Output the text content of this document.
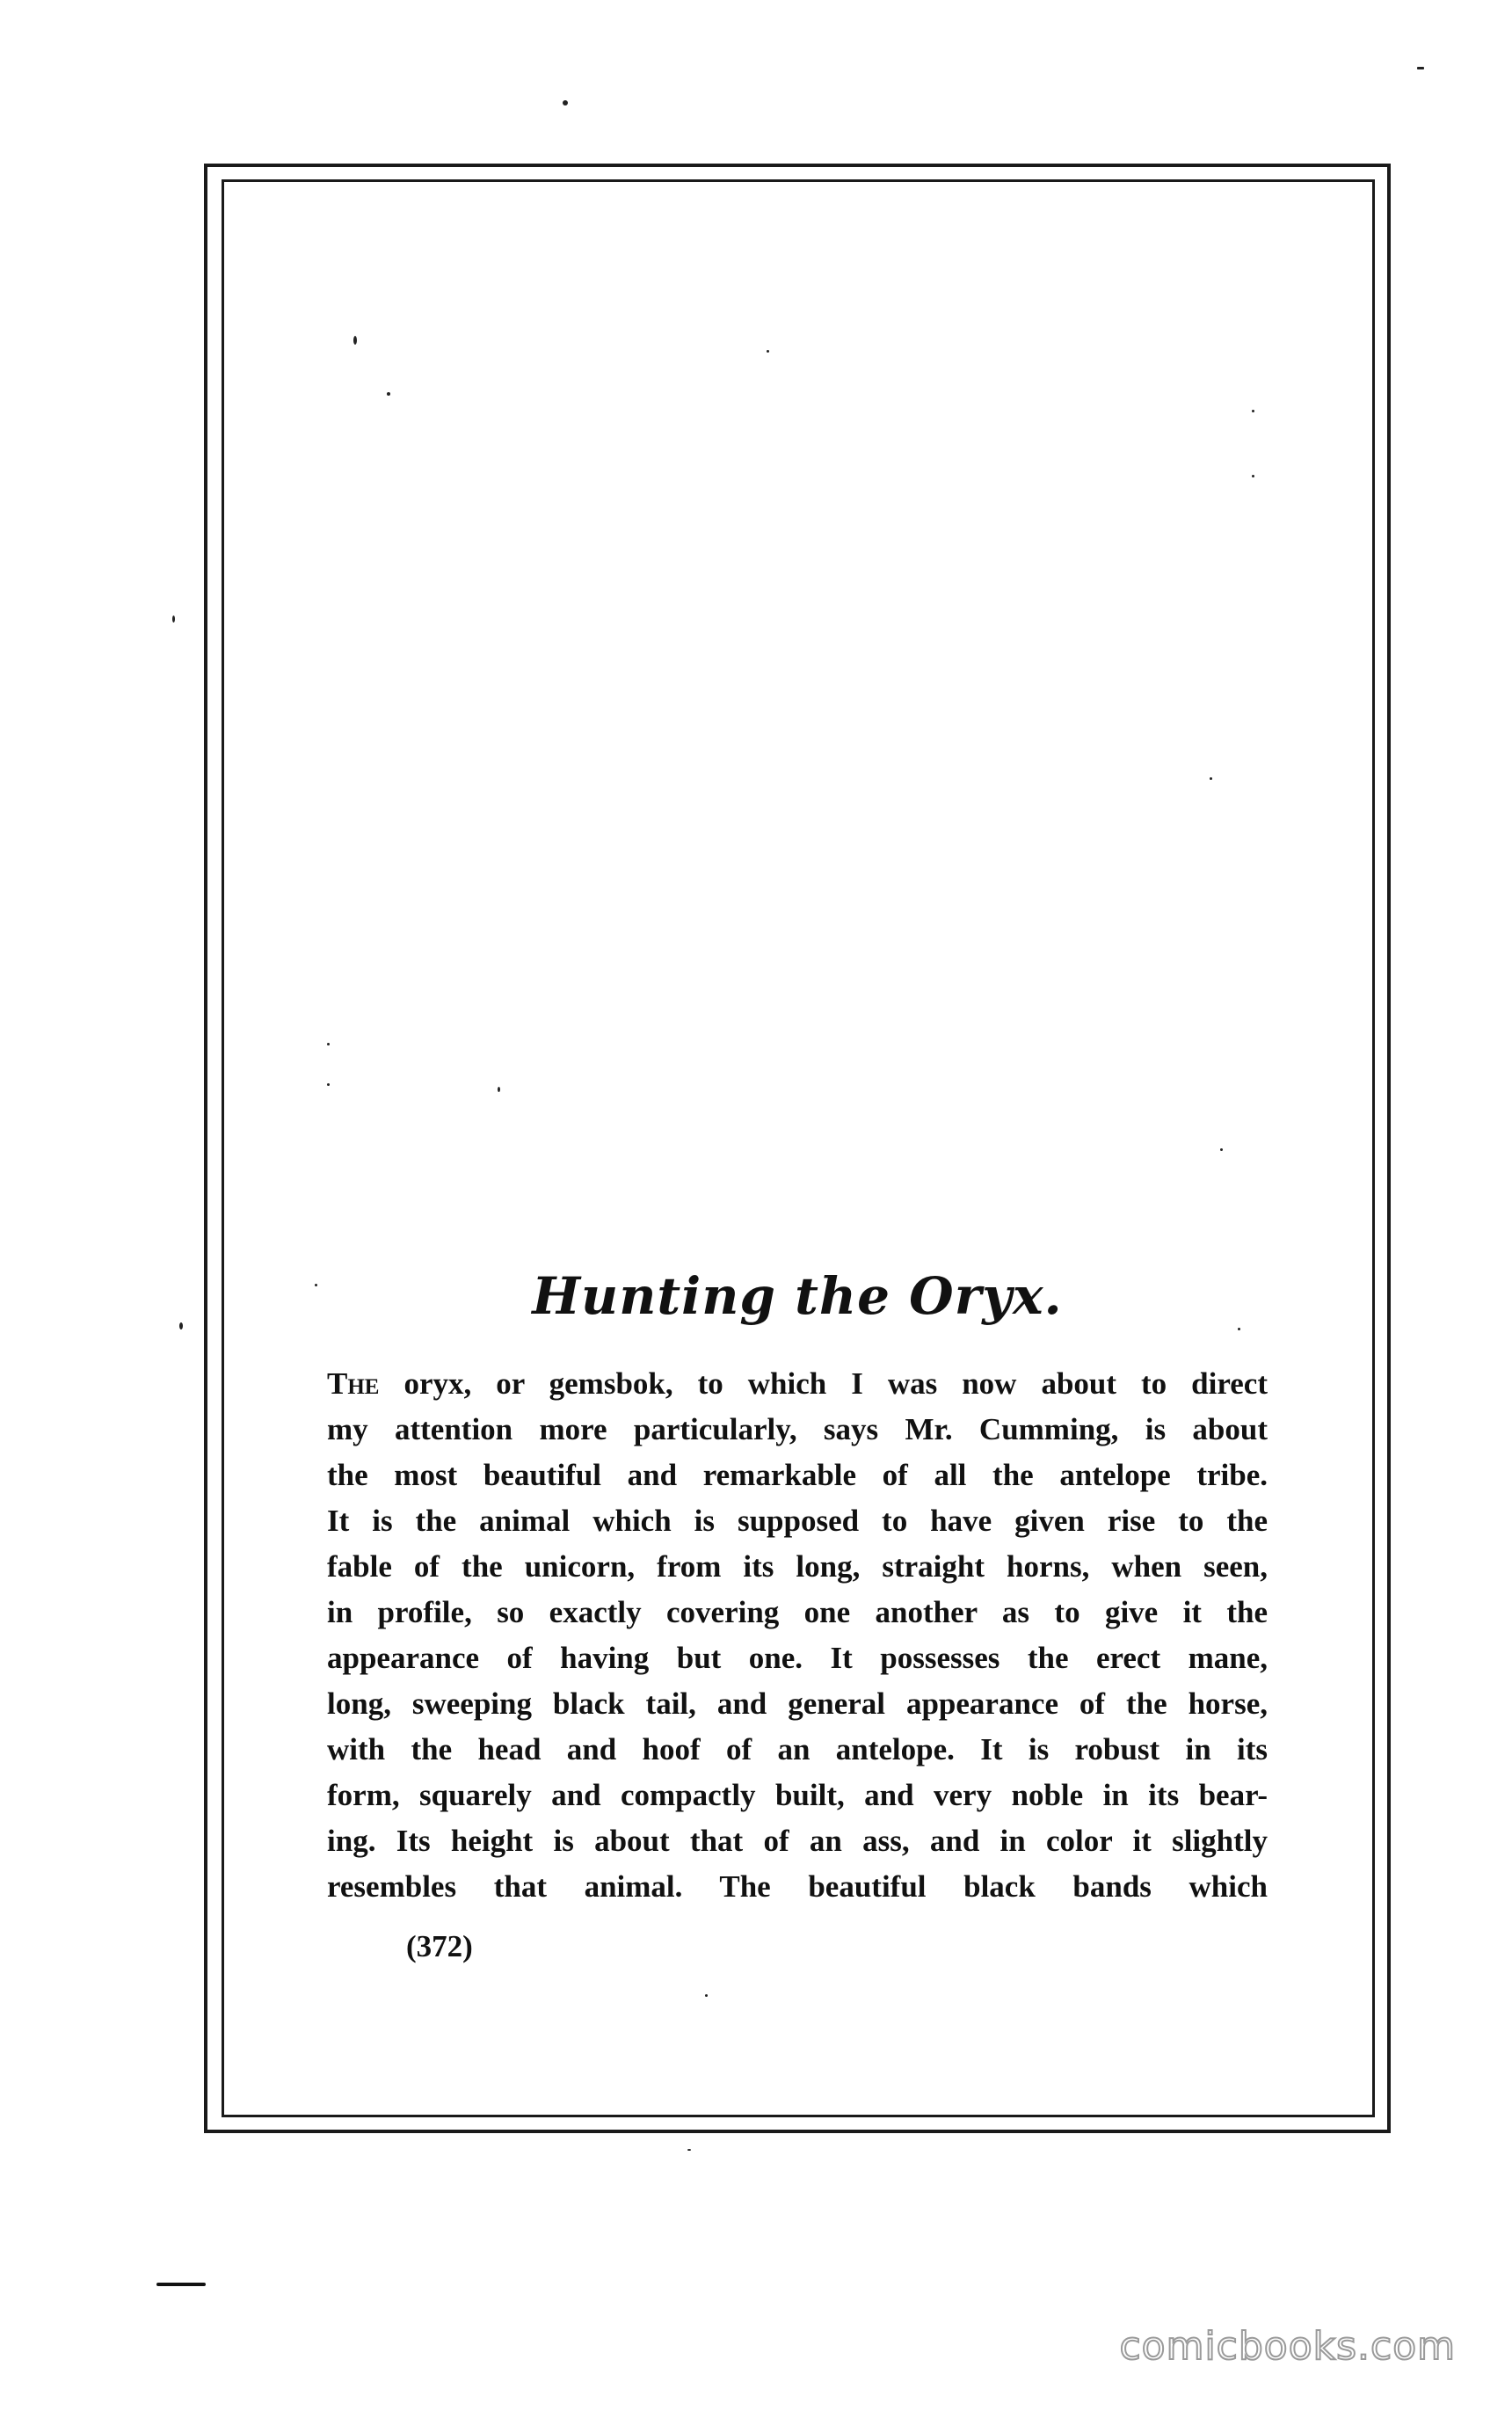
Hunting the Oryx.

The oryx, or gemsbok, to which I was now about to direct
my attention more particularly, says Mr. Cumming, is about
the most beautiful and remarkable of all the antelope tribe.
It is the animal which is supposed to have given rise to the
fable of the unicorn, from its long, straight horns, when seen,
in profile, so exactly covering one another as to give it the
appearance of having but one. It possesses the erect mane,
long, sweeping black tail, and general appearance of the horse,
with the head and hoof of an antelope. It is robust in its
form, squarely and compactly built, and very noble in its bear-
ing. Its height is about that of an ass, and in color it slightly
resembles that animal. The beautiful black bands which

(372)
comicbooks.com
